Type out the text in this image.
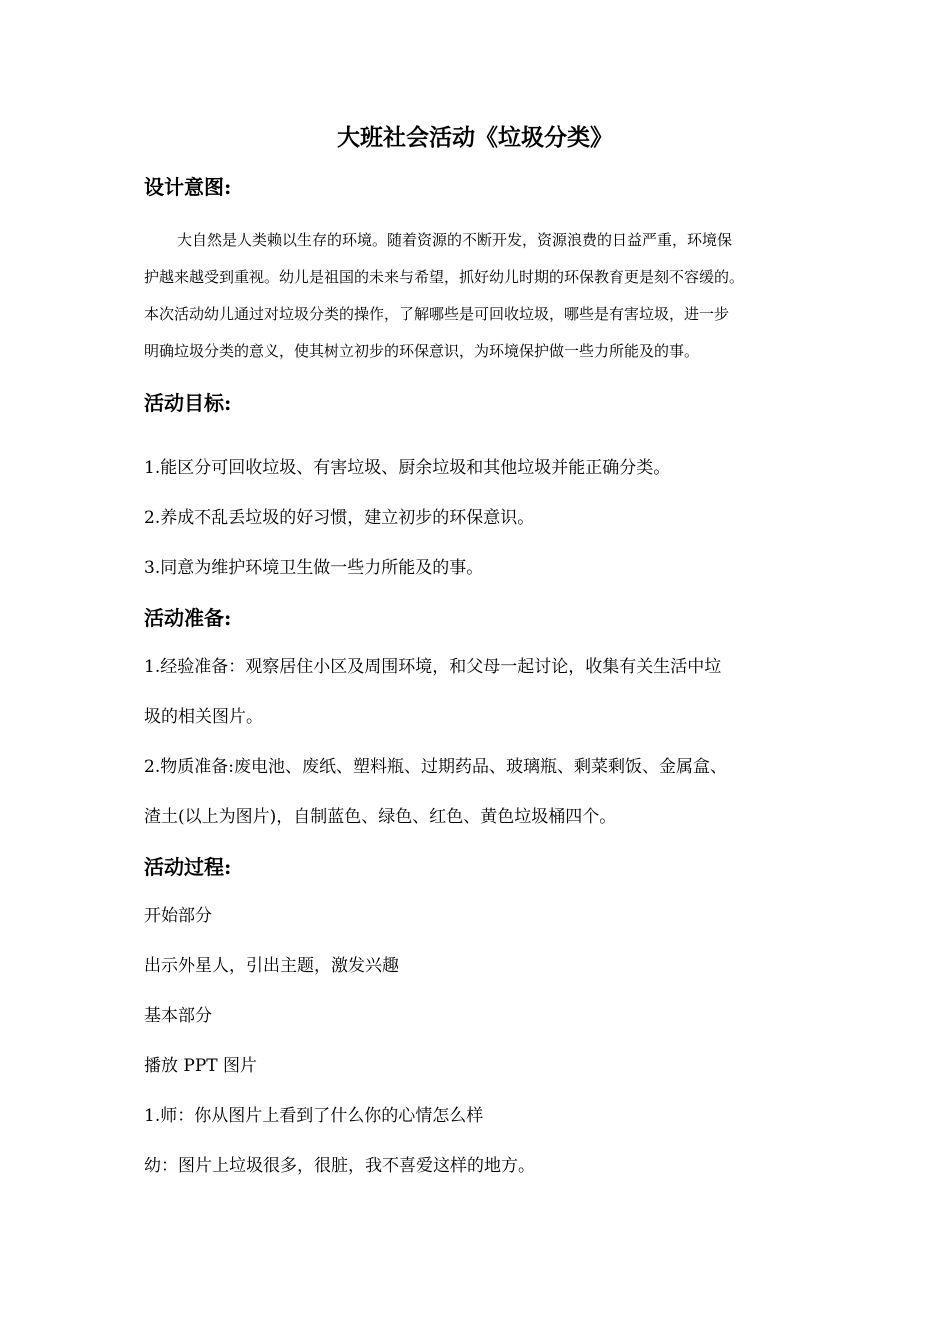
大班社会活动《垃圾分类》
设计意图:
大自然是人类赖以生存的环境。随着资源的不断开发，资源浪费的日益严重，环境保
护越来越受到重视。幼儿是祖国的未来与希望，抓好幼儿时期的环保教育更是刻不容缓的。
本次活动幼儿通过对垃圾分类的操作，了解哪些是可回收垃圾，哪些是有害垃圾，进一步
明确垃圾分类的意义，使其树立初步的环保意识，为环境保护做一些力所能及的事。
活动目标:
1.能区分可回收垃圾、有害垃圾、厨余垃圾和其他垃圾并能正确分类。
2.养成不乱丢垃圾的好习惯，建立初步的环保意识。
3.同意为维护环境卫生做一些力所能及的事。
活动准备:
1.经验准备：观察居住小区及周围环境，和父母一起讨论，收集有关生活中垃
圾的相关图片。
2.物质准备:废电池、废纸、塑料瓶、过期药品、玻璃瓶、剩菜剩饭、金属盒、
渣土(以上为图片)，自制蓝色、绿色、红色、黄色垃圾桶四个。
活动过程:
开始部分
出示外星人，引出主题，激发兴趣
基本部分
播放 PPT 图片
1.师：你从图片上看到了什么你的心情怎么样
幼：图片上垃圾很多，很脏，我不喜爱这样的地方。
